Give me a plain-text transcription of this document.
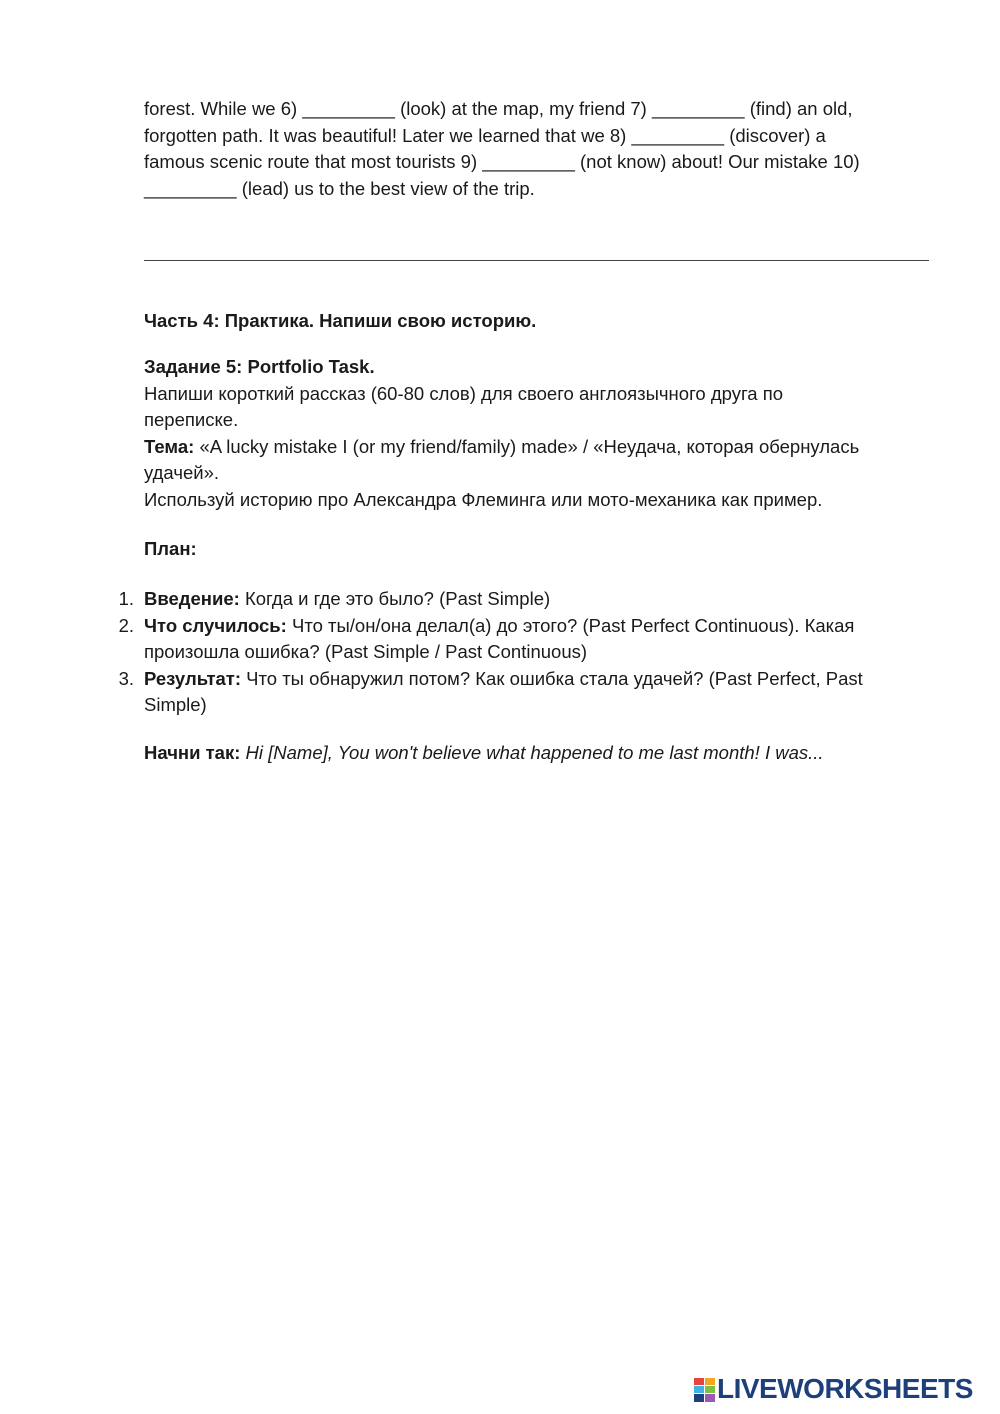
forest. While we 6) _________ (look) at the map, my friend 7) _________ (find) an old,

forgotten path. It was beautiful! Later we learned that we 8) _________ (discover) a

famous scenic route that most tourists 9) _________ (not know) about! Our mistake 10)

_________ (lead) us to the best view of the trip.

Часть 4: Практика. Напиши свою историю.

Задание 5: Portfolio Task.

Напиши короткий рассказ (60-80 слов) для своего англоязычного друга по

переписке.

Тема: «A lucky mistake I (or my friend/family) made» / «Неудача, которая обернулась

удачей».

Используй историю про Александра Флеминга или мото-механика как пример.

План:
1. Введение: Когда и где это было? (Past Simple)
2. Что случилось: Что ты/он/она делал(а) до этого? (Past Perfect Continuous). Какая
произошла ошибка? (Past Simple / Past Continuous)
3. Результат: Что ты обнаружил потом? Как ошибка стала удачей? (Past Perfect, Past
Simple)
Начни так: Hi [Name], You won't believe what happened to me last month! I was...
LIVEWORKSHEETS
